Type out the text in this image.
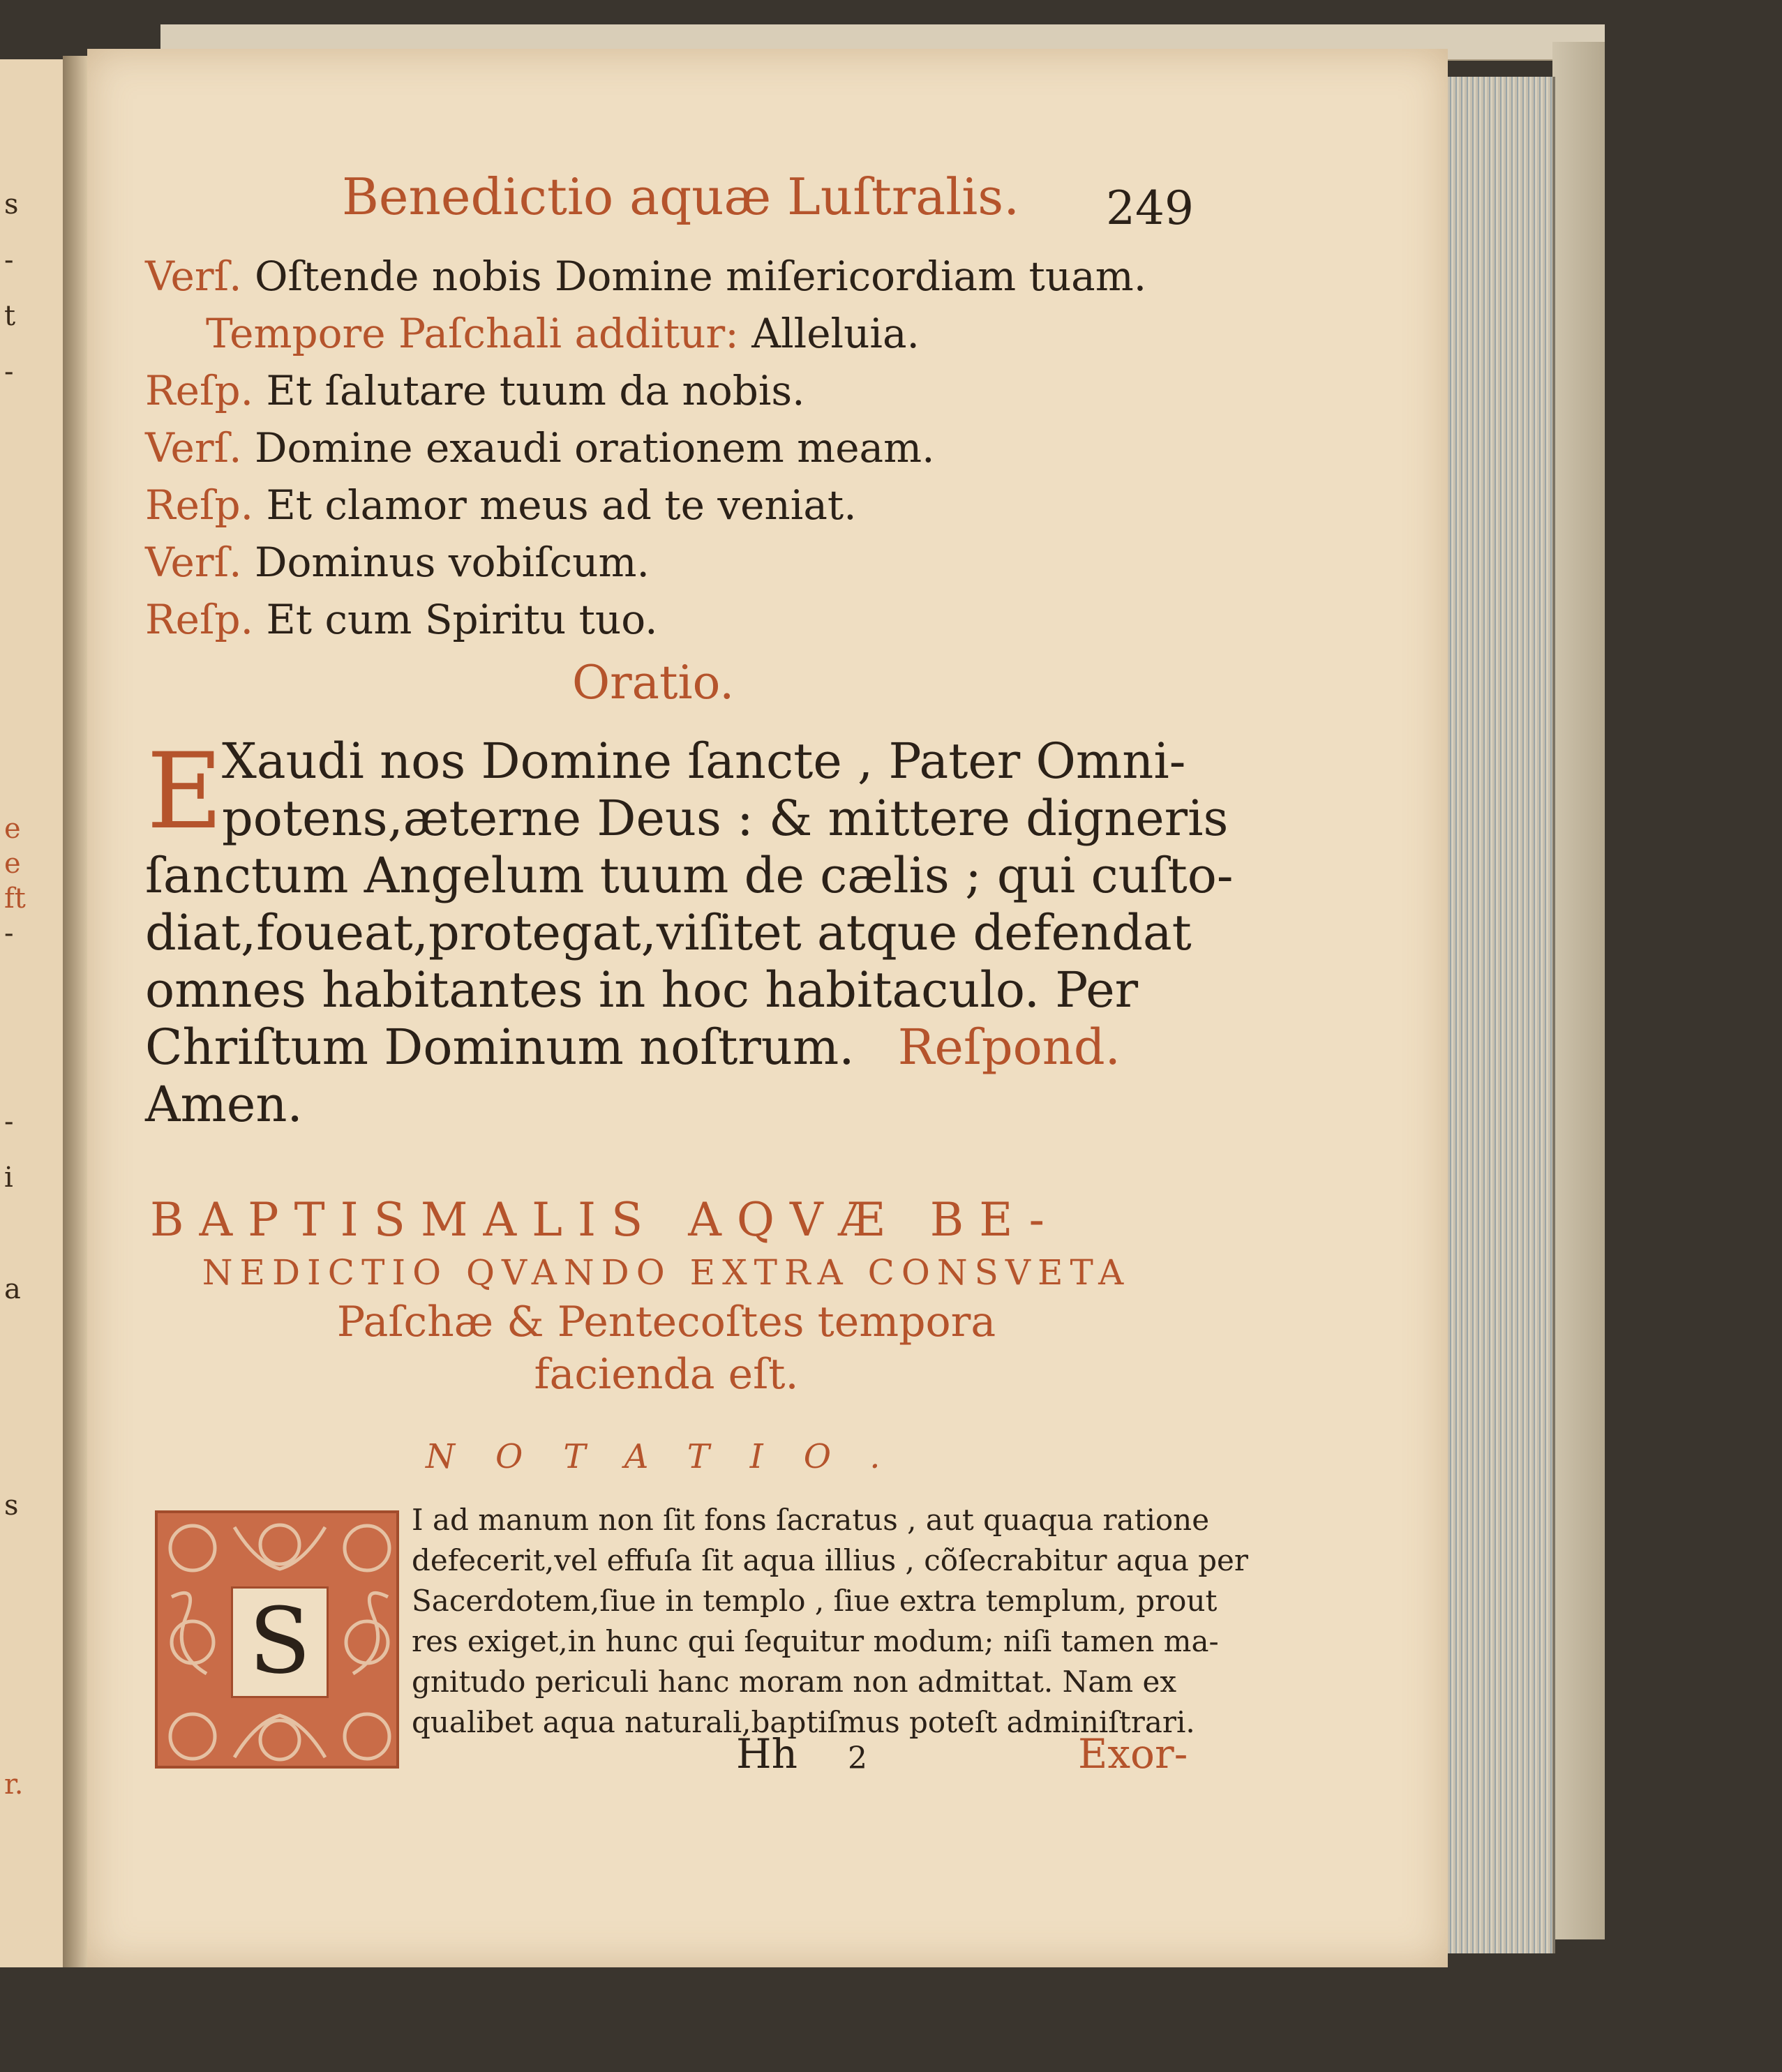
s
-
t
-
e
e
ft
-
-
i
a
s
r.
Benedictio aquæ Luſtralis. 249
Verſ. Oſtende nobis Domine miſericordiam tuam.
Tempore Paſchali additur: Alleluia.
Reſp. Et ſalutare tuum da nobis.
Verſ. Domine exaudi orationem meam.
Reſp. Et clamor meus ad te veniat.
Verſ. Dominus vobiſcum.
Reſp. Et cum Spiritu tuo.
Oratio.
E
Xaudi nos Domine ſancte , Pater Omni-
potens,æterne Deus : & mittere digneris
ſanctum Angelum tuum de cælis ; qui cuſto-
diat,foueat,protegat,viſitet atque defendat
omnes habitantes in hoc habitaculo. Per
Chriſtum Dominum noſtrum. Reſpond.
Amen.
BAPTISMALIS AQVÆ BE-
NEDICTIO QVANDO EXTRA CONSVETA
Paſchæ & Pentecoſtes tempora
facienda eſt.
NOTATIO.
S
I ad manum non ſit fons ſacratus , aut quaqua ratione
defecerit,vel effuſa ſit aqua illius , cõſecrabitur aqua per
Sacerdotem,ſiue in templo , ſiue extra templum, prout
res exiget,in hunc qui ſequitur modum; niſi tamen ma-
gnitudo periculi hanc moram non admittat. Nam ex
qualibet aqua naturali,baptiſmus poteſt adminiſtrari.
Hh 2	Exor-
